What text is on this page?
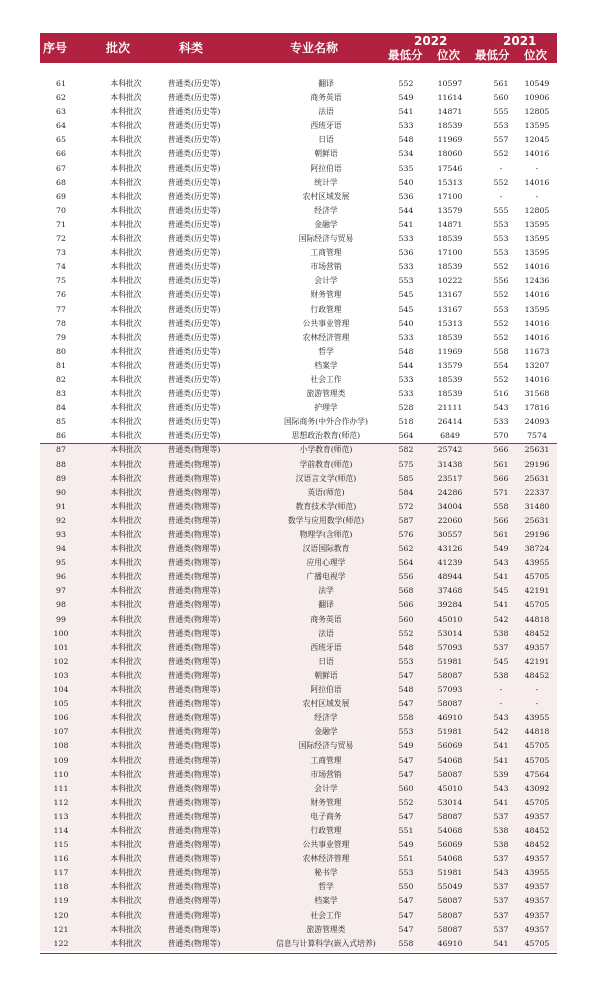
序号	批次	科类	专业名称	2022
最低分 位次
2021
最低分 位次
61	本科批次	普通类(历史等)	翻译	552	10597	561	10549
62	本科批次	普通类(历史等)	商务英语	549	11614	560	10906
63	本科批次	普通类(历史等)	法语	541	14871	555	12805
64	本科批次	普通类(历史等)	西班牙语	533	18539	553	13595
65	本科批次	普通类(历史等)	日语	548	11969	557	12045
66	本科批次	普通类(历史等)	朝鲜语	534	18060	552	14016
67	本科批次	普通类(历史等)	阿拉伯语	535	17546	-	-
68	本科批次	普通类(历史等)	统计学	540	15313	552	14016
69	本科批次	普通类(历史等)	农村区域发展	536	17100	-	-
70	本科批次	普通类(历史等)	经济学	544	13579	555	12805
71	本科批次	普通类(历史等)	金融学	541	14871	553	13595
72	本科批次	普通类(历史等)	国际经济与贸易	533	18539	553	13595
73	本科批次	普通类(历史等)	工商管理	536	17100	553	13595
74	本科批次	普通类(历史等)	市场营销	533	18539	552	14016
75	本科批次	普通类(历史等)	会计学	553	10222	556	12436
76	本科批次	普通类(历史等)	财务管理	545	13167	552	14016
77	本科批次	普通类(历史等)	行政管理	545	13167	553	13595
78	本科批次	普通类(历史等)	公共事业管理	540	15313	552	14016
79	本科批次	普通类(历史等)	农林经济管理	533	18539	552	14016
80	本科批次	普通类(历史等)	哲学	548	11969	558	11673
81	本科批次	普通类(历史等)	档案学	544	13579	554	13207
82	本科批次	普通类(历史等)	社会工作	533	18539	552	14016
83	本科批次	普通类(历史等)	旅游管理类	533	18539	516	31568
84	本科批次	普通类(历史等)	护理学	528	21111	543	17816
85	本科批次	普通类(历史等)	国际商务(中外合作办学)	518	26414	533	24093
86	本科批次	普通类(历史等)	思想政治教育(师范)	564	6849	570	7574
87	本科批次	普通类(物理等)	小学教育(师范)	582	25742	566	25631
88	本科批次	普通类(物理等)	学前教育(师范)	575	31438	561	29196
89	本科批次	普通类(物理等)	汉语言文学(师范)	585	23517	566	25631
90	本科批次	普通类(物理等)	英语(师范)	584	24286	571	22337
91	本科批次	普通类(物理等)	教育技术学(师范)	572	34004	558	31480
92	本科批次	普通类(物理等)	数学与应用数学(师范)	587	22060	566	25631
93	本科批次	普通类(物理等)	物理学(含师范)	576	30557	561	29196
94	本科批次	普通类(物理等)	汉语国际教育	562	43126	549	38724
95	本科批次	普通类(物理等)	应用心理学	564	41239	543	43955
96	本科批次	普通类(物理等)	广播电视学	556	48944	541	45705
97	本科批次	普通类(物理等)	法学	568	37468	545	42191
98	本科批次	普通类(物理等)	翻译	566	39284	541	45705
99	本科批次	普通类(物理等)	商务英语	560	45010	542	44818
100	本科批次	普通类(物理等)	法语	552	53014	538	48452
101	本科批次	普通类(物理等)	西班牙语	548	57093	537	49357
102	本科批次	普通类(物理等)	日语	553	51981	545	42191
103	本科批次	普通类(物理等)	朝鲜语	547	58087	538	48452
104	本科批次	普通类(物理等)	阿拉伯语	548	57093	-	-
105	本科批次	普通类(物理等)	农村区域发展	547	58087	-	-
106	本科批次	普通类(物理等)	经济学	558	46910	543	43955
107	本科批次	普通类(物理等)	金融学	553	51981	542	44818
108	本科批次	普通类(物理等)	国际经济与贸易	549	56069	541	45705
109	本科批次	普通类(物理等)	工商管理	547	54068	541	45705
110	本科批次	普通类(物理等)	市场营销	547	58087	539	47564
111	本科批次	普通类(物理等)	会计学	560	45010	543	43092
112	本科批次	普通类(物理等)	财务管理	552	53014	541	45705
113	本科批次	普通类(物理等)	电子商务	547	58087	537	49357
114	本科批次	普通类(物理等)	行政管理	551	54068	538	48452
115	本科批次	普通类(物理等)	公共事业管理	549	56069	538	48452
116	本科批次	普通类(物理等)	农林经济管理	551	54068	537	49357
117	本科批次	普通类(物理等)	秘书学	553	51981	543	43955
118	本科批次	普通类(物理等)	哲学	550	55049	537	49357
119	本科批次	普通类(物理等)	档案学	547	58087	537	49357
120	本科批次	普通类(物理等)	社会工作	547	58087	537	49357
121	本科批次	普通类(物理等)	旅游管理类	547	58087	537	49357
122	本科批次	普通类(物理等)	信息与计算科学(嵌入式培养)	558	46910	541	45705
